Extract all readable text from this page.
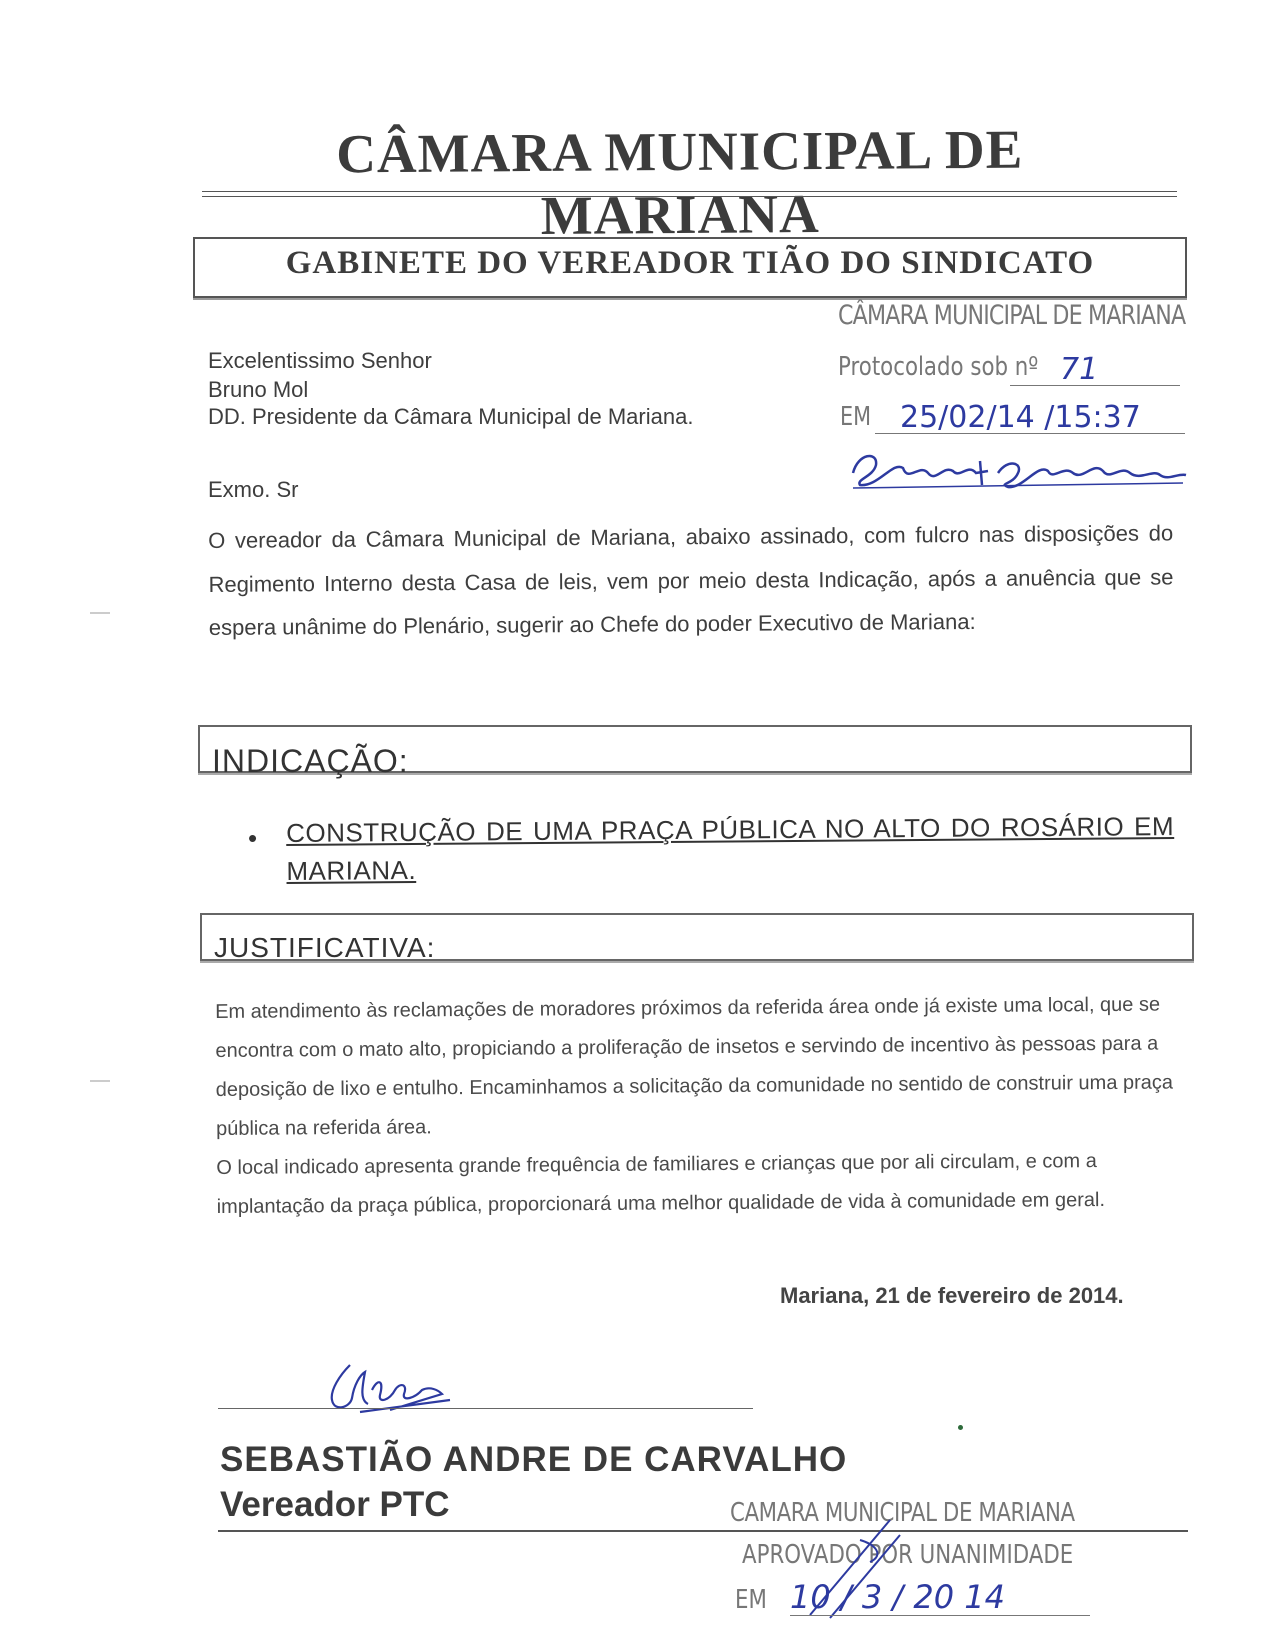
CÂMARA MUNICIPAL DE MARIANA
GABINETE DO VEREADOR TIÃO DO SINDICATO
CÂMARA MUNICIPAL DE MARIANA
Protocolado sob nº 71
EM 25/02/14 /15:37
Excelentissimo Senhor
Bruno Mol
DD. Presidente da Câmara Municipal de Mariana.
Exmo. Sr

O vereador da Câmara Municipal de Mariana, abaixo assinado, com fulcro nas disposições do Regimento Interno desta Casa de leis, vem por meio desta Indicação, após a anuência que se espera unânime do Plenário, sugerir ao Chefe do poder Executivo de Mariana:

INDICAÇÃO:
• CONSTRUÇÃO DE UMA PRAÇA PÚBLICA NO ALTO DO ROSÁRIO EM MARIANA.

JUSTIFICATIVA:

Em atendimento às reclamações de moradores próximos da referida área onde já existe uma local, que se encontra com o mato alto, propiciando a proliferação de insetos e servindo de incentivo às pessoas para a deposição de lixo e entulho. Encaminhamos a solicitação da comunidade no sentido de construir uma praça pública na referida área.

O local indicado apresenta grande frequência de familiares e crianças que por ali circulam, e com a implantação da praça pública, proporcionará uma melhor qualidade de vida à comunidade em geral.

Mariana, 21 de fevereiro de 2014.
SEBASTIÃO ANDRE DE CARVALHO
Vereador PTC	CAMARA MUNICIPAL DE MARIANA
APROVADO POR UNANIMIDADE
EM 10 / 3 / 20 14
